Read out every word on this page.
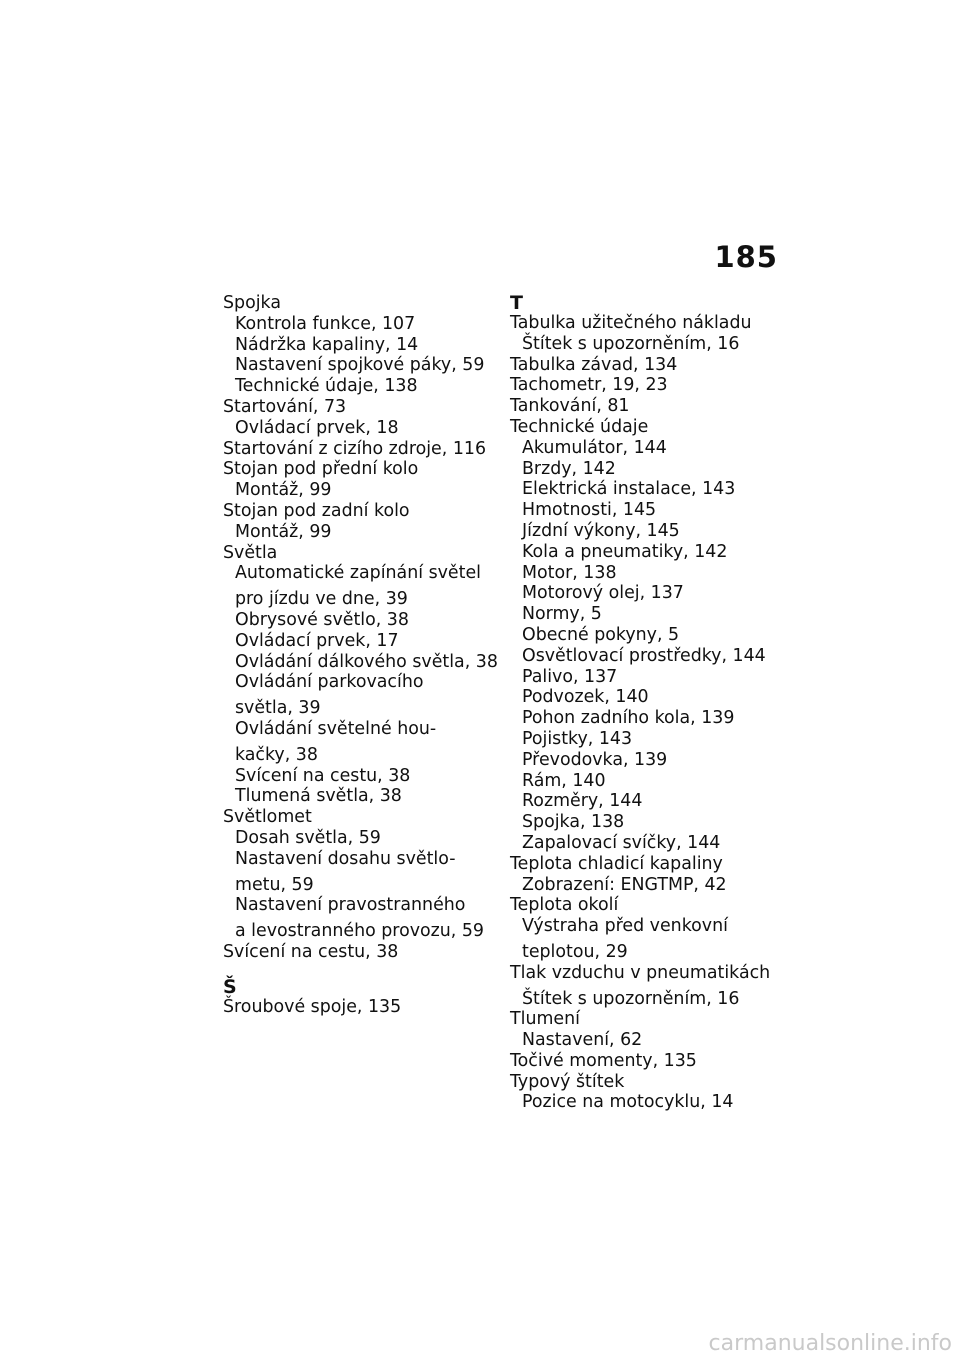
185
Spojka
Kontrola funkce, 107
Nádržka kapaliny, 14
Nastavení spojkové páky, 59
Technické údaje, 138
Startování, 73
Ovládací prvek, 18
Startování z cizího zdroje, 116
Stojan pod přední kolo
Montáž, 99
Stojan pod zadní kolo
Montáž, 99
Světla
Automatické zapínání světel
pro jízdu ve dne, 39
Obrysové světlo, 38
Ovládací prvek, 17
Ovládání dálkového světla, 38
Ovládání parkovacího
světla, 39
Ovládání světelné hou-
kačky, 38
Svícení na cestu, 38
Tlumená světla, 38
Světlomet
Dosah světla, 59
Nastavení dosahu světlo-
metu, 59
Nastavení pravostranného
a levostranného provozu, 59
Svícení na cestu, 38
Š
Šroubové spoje, 135
T
Tabulka užitečného nákladu
Štítek s upozorněním, 16
Tabulka závad, 134
Tachometr, 19, 23
Tankování, 81
Technické údaje
Akumulátor, 144
Brzdy, 142
Elektrická instalace, 143
Hmotnosti, 145
Jízdní výkony, 145
Kola a pneumatiky, 142
Motor, 138
Motorový olej, 137
Normy, 5
Obecné pokyny, 5
Osvětlovací prostředky, 144
Palivo, 137
Podvozek, 140
Pohon zadního kola, 139
Pojistky, 143
Převodovka, 139
Rám, 140
Rozměry, 144
Spojka, 138
Zapalovací svíčky, 144
Teplota chladicí kapaliny
Zobrazení: ENGTMP, 42
Teplota okolí
Výstraha před venkovní
teplotou, 29
Tlak vzduchu v pneumatikách
Štítek s upozorněním, 16
Tlumení
Nastavení, 62
Točivé momenty, 135
Typový štítek
Pozice na motocyklu, 14
carmanualsonline.info
